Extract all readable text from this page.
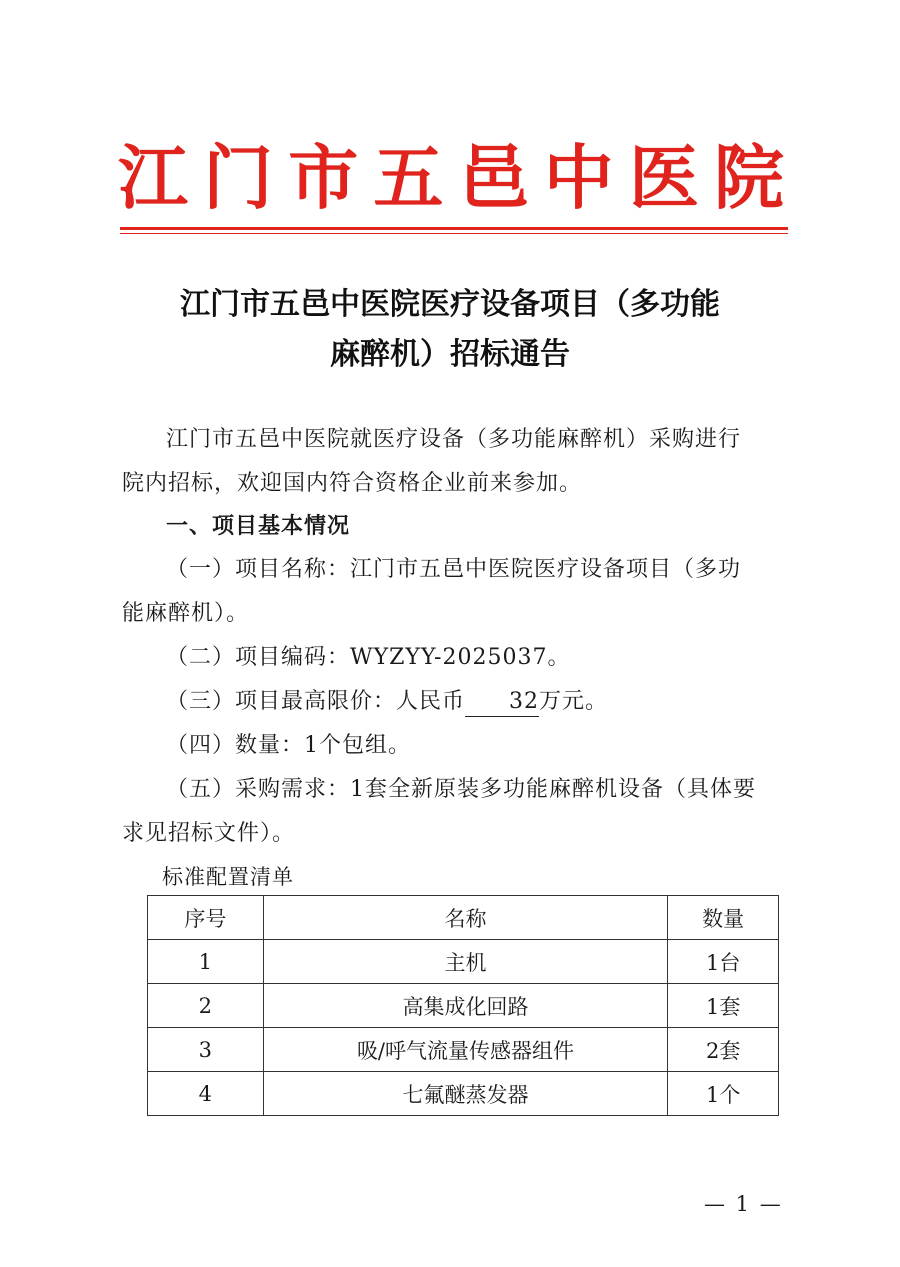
江 门 市 五 邑 中 医 院
江门市五邑中医院医疗设备项目（多功能
麻醉机）招标通告
江门市五邑中医院就医疗设备（多功能麻醉机）采购进行
院内招标，欢迎国内符合资格企业前来参加。
一、项目基本情况
（一）项目名称：江门市五邑中医院医疗设备项目（多功
能麻醉机）。
（二）项目编码：WYZYY-2025037。
（三）项目最高限价：人民币 32万元。
（四）数量：1个包组。
（五）采购需求：1套全新原装多功能麻醉机设备（具体要
求见招标文件）。
标准配置清单
序号	名称	数量
1	主机	1台
2	高集成化回路	1套
3	吸/呼气流量传感器组件	2套
4	七氟醚蒸发器	1个
— 1 —
